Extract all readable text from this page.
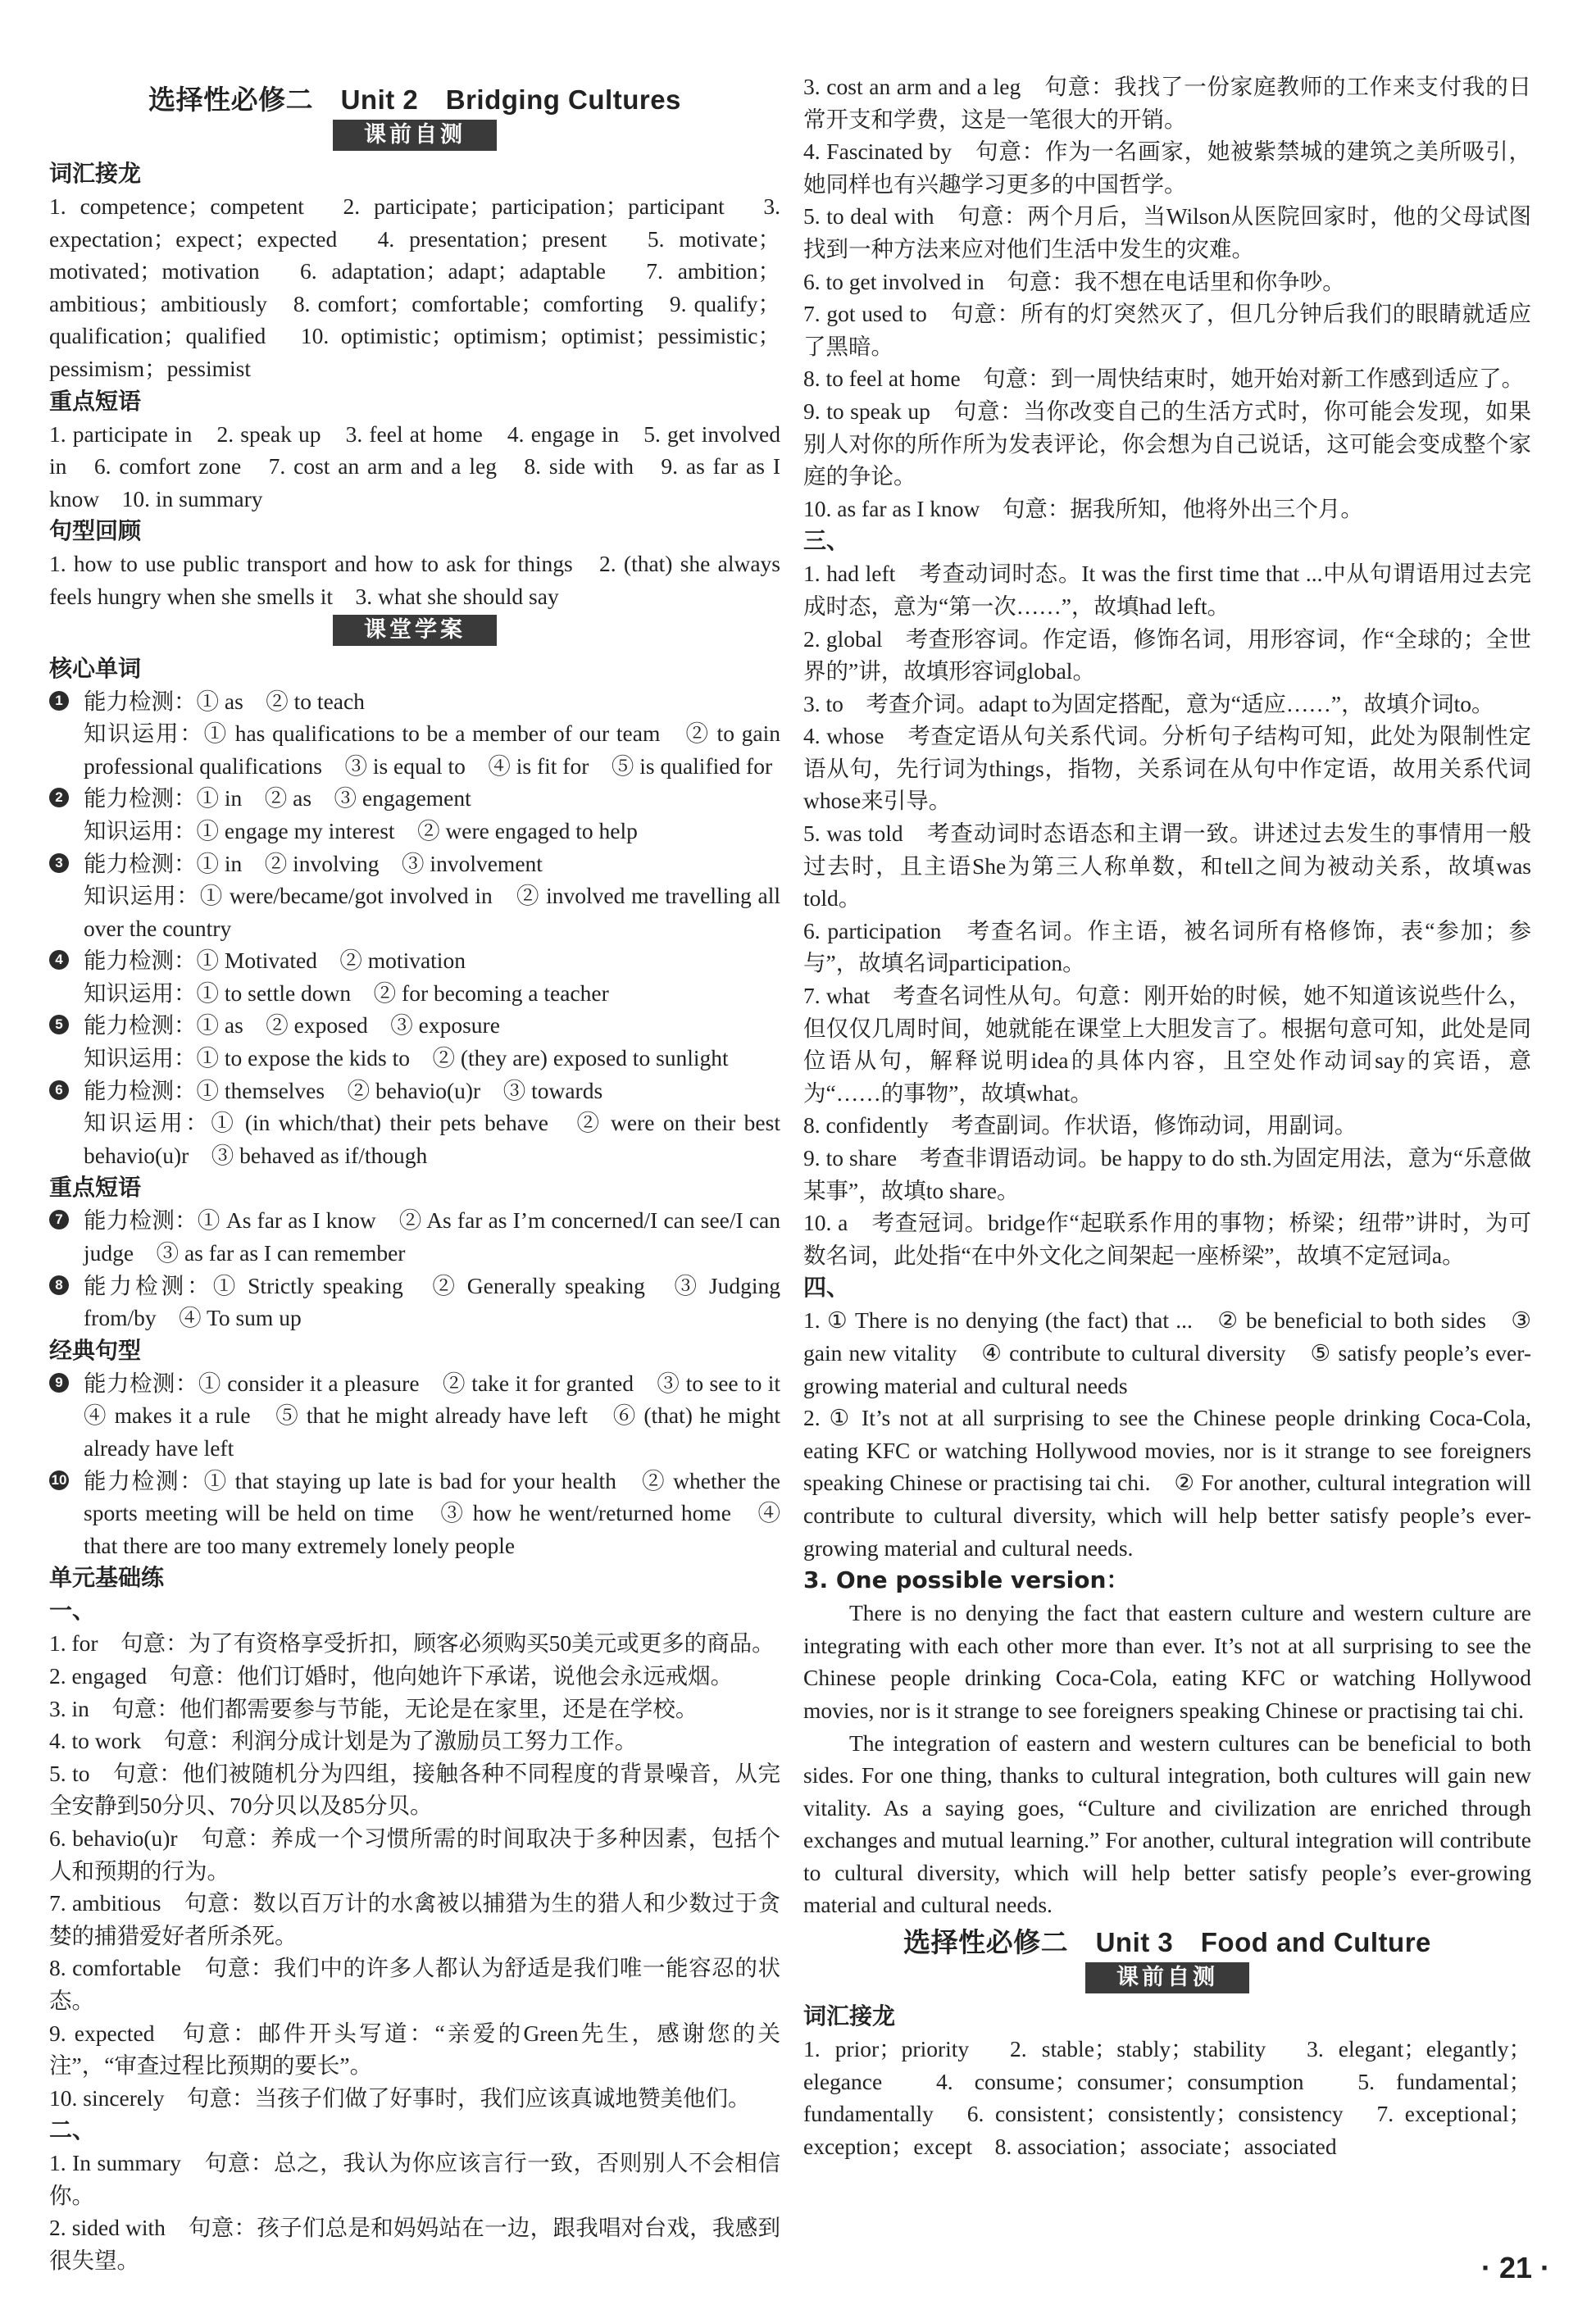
选择性必修二　Unit 2　Bridging Cultures
课前自测
词汇接龙
1. competence；competent　2. participate；participation；participant　3. expectation；expect；expected　4. presentation；present　5. motivate；motivated；motivation　6. adaptation；adapt；adaptable　7. ambition；ambitious；ambitiously　8. comfort；comfortable；comforting　9. qualify；qualification；qualified　10. optimistic；optimism；optimist；pessimistic；pessimism；pessimist
重点短语
1. participate in　2. speak up　3. feel at home　4. engage in　5. get involved in　6. comfort zone　7. cost an arm and a leg　8. side with　9. as far as I know　10. in summary
句型回顾
1. how to use public transport and how to ask for things　2. (that) she always feels hungry when she smells it　3. what she should say
课堂学案
核心单词
1 能力检测：① as　② to teach
知识运用：① has qualifications to be a member of our team　② to gain professional qualifications　③ is equal to　④ is fit for　⑤ is qualified for
2 能力检测：① in　② as　③ engagement
知识运用：① engage my interest　② were engaged to help
3 能力检测：① in　② involving　③ involvement
知识运用：① were/became/got involved in　② involved me travelling all over the country
4 能力检测：① Motivated　② motivation
知识运用：① to settle down　② for becoming a teacher
5 能力检测：① as　② exposed　③ exposure
知识运用：① to expose the kids to　② (they are) exposed to sunlight
6 能力检测：① themselves　② behavio(u)r　③ towards
知识运用：① (in which/that) their pets behave　② were on their best behavio(u)r　③ behaved as if/though
重点短语
7 能力检测：① As far as I know　② As far as I’m concerned/I can see/I can judge　③ as far as I can remember
8 能力检测：① Strictly speaking　② Generally speaking　③ Judging from/by　④ To sum up
经典句型
9 能力检测：① consider it a pleasure　② take it for granted　③ to see to it　④ makes it a rule　⑤ that he might already have left　⑥ (that) he might already have left
10 能力检测：① that staying up late is bad for your health　② whether the sports meeting will be held on time　③ how he went/returned home　④ that there are too many extremely lonely people
单元基础练
一、
1. for　句意：为了有资格享受折扣，顾客必须购买50美元或更多的商品。
2. engaged　句意：他们订婚时，他向她许下承诺，说他会永远戒烟。
3. in　句意：他们都需要参与节能，无论是在家里，还是在学校。
4. to work　句意：利润分成计划是为了激励员工努力工作。
5. to　句意：他们被随机分为四组，接触各种不同程度的背景噪音，从完全安静到50分贝、70分贝以及85分贝。
6. behavio(u)r　句意：养成一个习惯所需的时间取决于多种因素，包括个人和预期的行为。
7. ambitious　句意：数以百万计的水禽被以捕猎为生的猎人和少数过于贪婪的捕猎爱好者所杀死。
8. comfortable　句意：我们中的许多人都认为舒适是我们唯一能容忍的状态。
9. expected　句意：邮件开头写道：“亲爱的Green先生，感谢您的关注”，“审查过程比预期的要长”。
10. sincerely　句意：当孩子们做了好事时，我们应该真诚地赞美他们。
二、
1. In summary　句意：总之，我认为你应该言行一致，否则别人不会相信你。
2. sided with　句意：孩子们总是和妈妈站在一边，跟我唱对台戏，我感到很失望。
3. cost an arm and a leg　句意：我找了一份家庭教师的工作来支付我的日常开支和学费，这是一笔很大的开销。
4. Fascinated by　句意：作为一名画家，她被紫禁城的建筑之美所吸引，她同样也有兴趣学习更多的中国哲学。
5. to deal with　句意：两个月后，当Wilson从医院回家时，他的父母试图找到一种方法来应对他们生活中发生的灾难。
6. to get involved in　句意：我不想在电话里和你争吵。
7. got used to　句意：所有的灯突然灭了，但几分钟后我们的眼睛就适应了黑暗。
8. to feel at home　句意：到一周快结束时，她开始对新工作感到适应了。
9. to speak up　句意：当你改变自己的生活方式时，你可能会发现，如果别人对你的所作所为发表评论，你会想为自己说话，这可能会变成整个家庭的争论。
10. as far as I know　句意：据我所知，他将外出三个月。
三、
1. had left　考查动词时态。It was the first time that ...中从句谓语用过去完成时态，意为“第一次……”，故填had left。
2. global　考查形容词。作定语，修饰名词，用形容词，作“全球的；全世界的”讲，故填形容词global。
3. to　考查介词。adapt to为固定搭配，意为“适应……”，故填介词to。
4. whose　考查定语从句关系代词。分析句子结构可知，此处为限制性定语从句，先行词为things，指物，关系词在从句中作定语，故用关系代词whose来引导。
5. was told　考查动词时态语态和主谓一致。讲述过去发生的事情用一般过去时，且主语She为第三人称单数，和tell之间为被动关系，故填was told。
6. participation　考查名词。作主语，被名词所有格修饰，表“参加；参与”，故填名词participation。
7. what　考查名词性从句。句意：刚开始的时候，她不知道该说些什么，但仅仅几周时间，她就能在课堂上大胆发言了。根据句意可知，此处是同位语从句，解释说明idea的具体内容，且空处作动词say的宾语，意为“……的事物”，故填what。
8. confidently　考查副词。作状语，修饰动词，用副词。
9. to share　考查非谓语动词。be happy to do sth.为固定用法，意为“乐意做某事”，故填to share。
10. a　考查冠词。bridge作“起联系作用的事物；桥梁；纽带”讲时，为可数名词，此处指“在中外文化之间架起一座桥梁”，故填不定冠词a。
四、
1. ① There is no denying (the fact) that ...　② be beneficial to both sides　③ gain new vitality　④ contribute to cultural diversity　⑤ satisfy people’s ever-growing material and cultural needs
2. ① It’s not at all surprising to see the Chinese people drinking Coca-Cola, eating KFC or watching Hollywood movies, nor is it strange to see foreigners speaking Chinese or practising tai chi.　② For another, cultural integration will contribute to cultural diversity, which will help better satisfy people’s ever-growing material and cultural needs.
3. One possible version：
There is no denying the fact that eastern culture and western culture are integrating with each other more than ever. It’s not at all surprising to see the Chinese people drinking Coca-Cola, eating KFC or watching Hollywood movies, nor is it strange to see foreigners speaking Chinese or practising tai chi.
The integration of eastern and western cultures can be beneficial to both sides. For one thing, thanks to cultural integration, both cultures will gain new vitality. As a saying goes, “Culture and civilization are enriched through exchanges and mutual learning.” For another, cultural integration will contribute to cultural diversity, which will help better satisfy people’s ever-growing material and cultural needs.
选择性必修二　Unit 3　Food and Culture
课前自测
词汇接龙
1. prior；priority　2. stable；stably；stability　3. elegant；elegantly；elegance　4. consume；consumer；consumption　5. fundamental；fundamentally　6. consistent；consistently；consistency　7. exceptional；exception；except　8. association；associate；associated
· 21 ·
